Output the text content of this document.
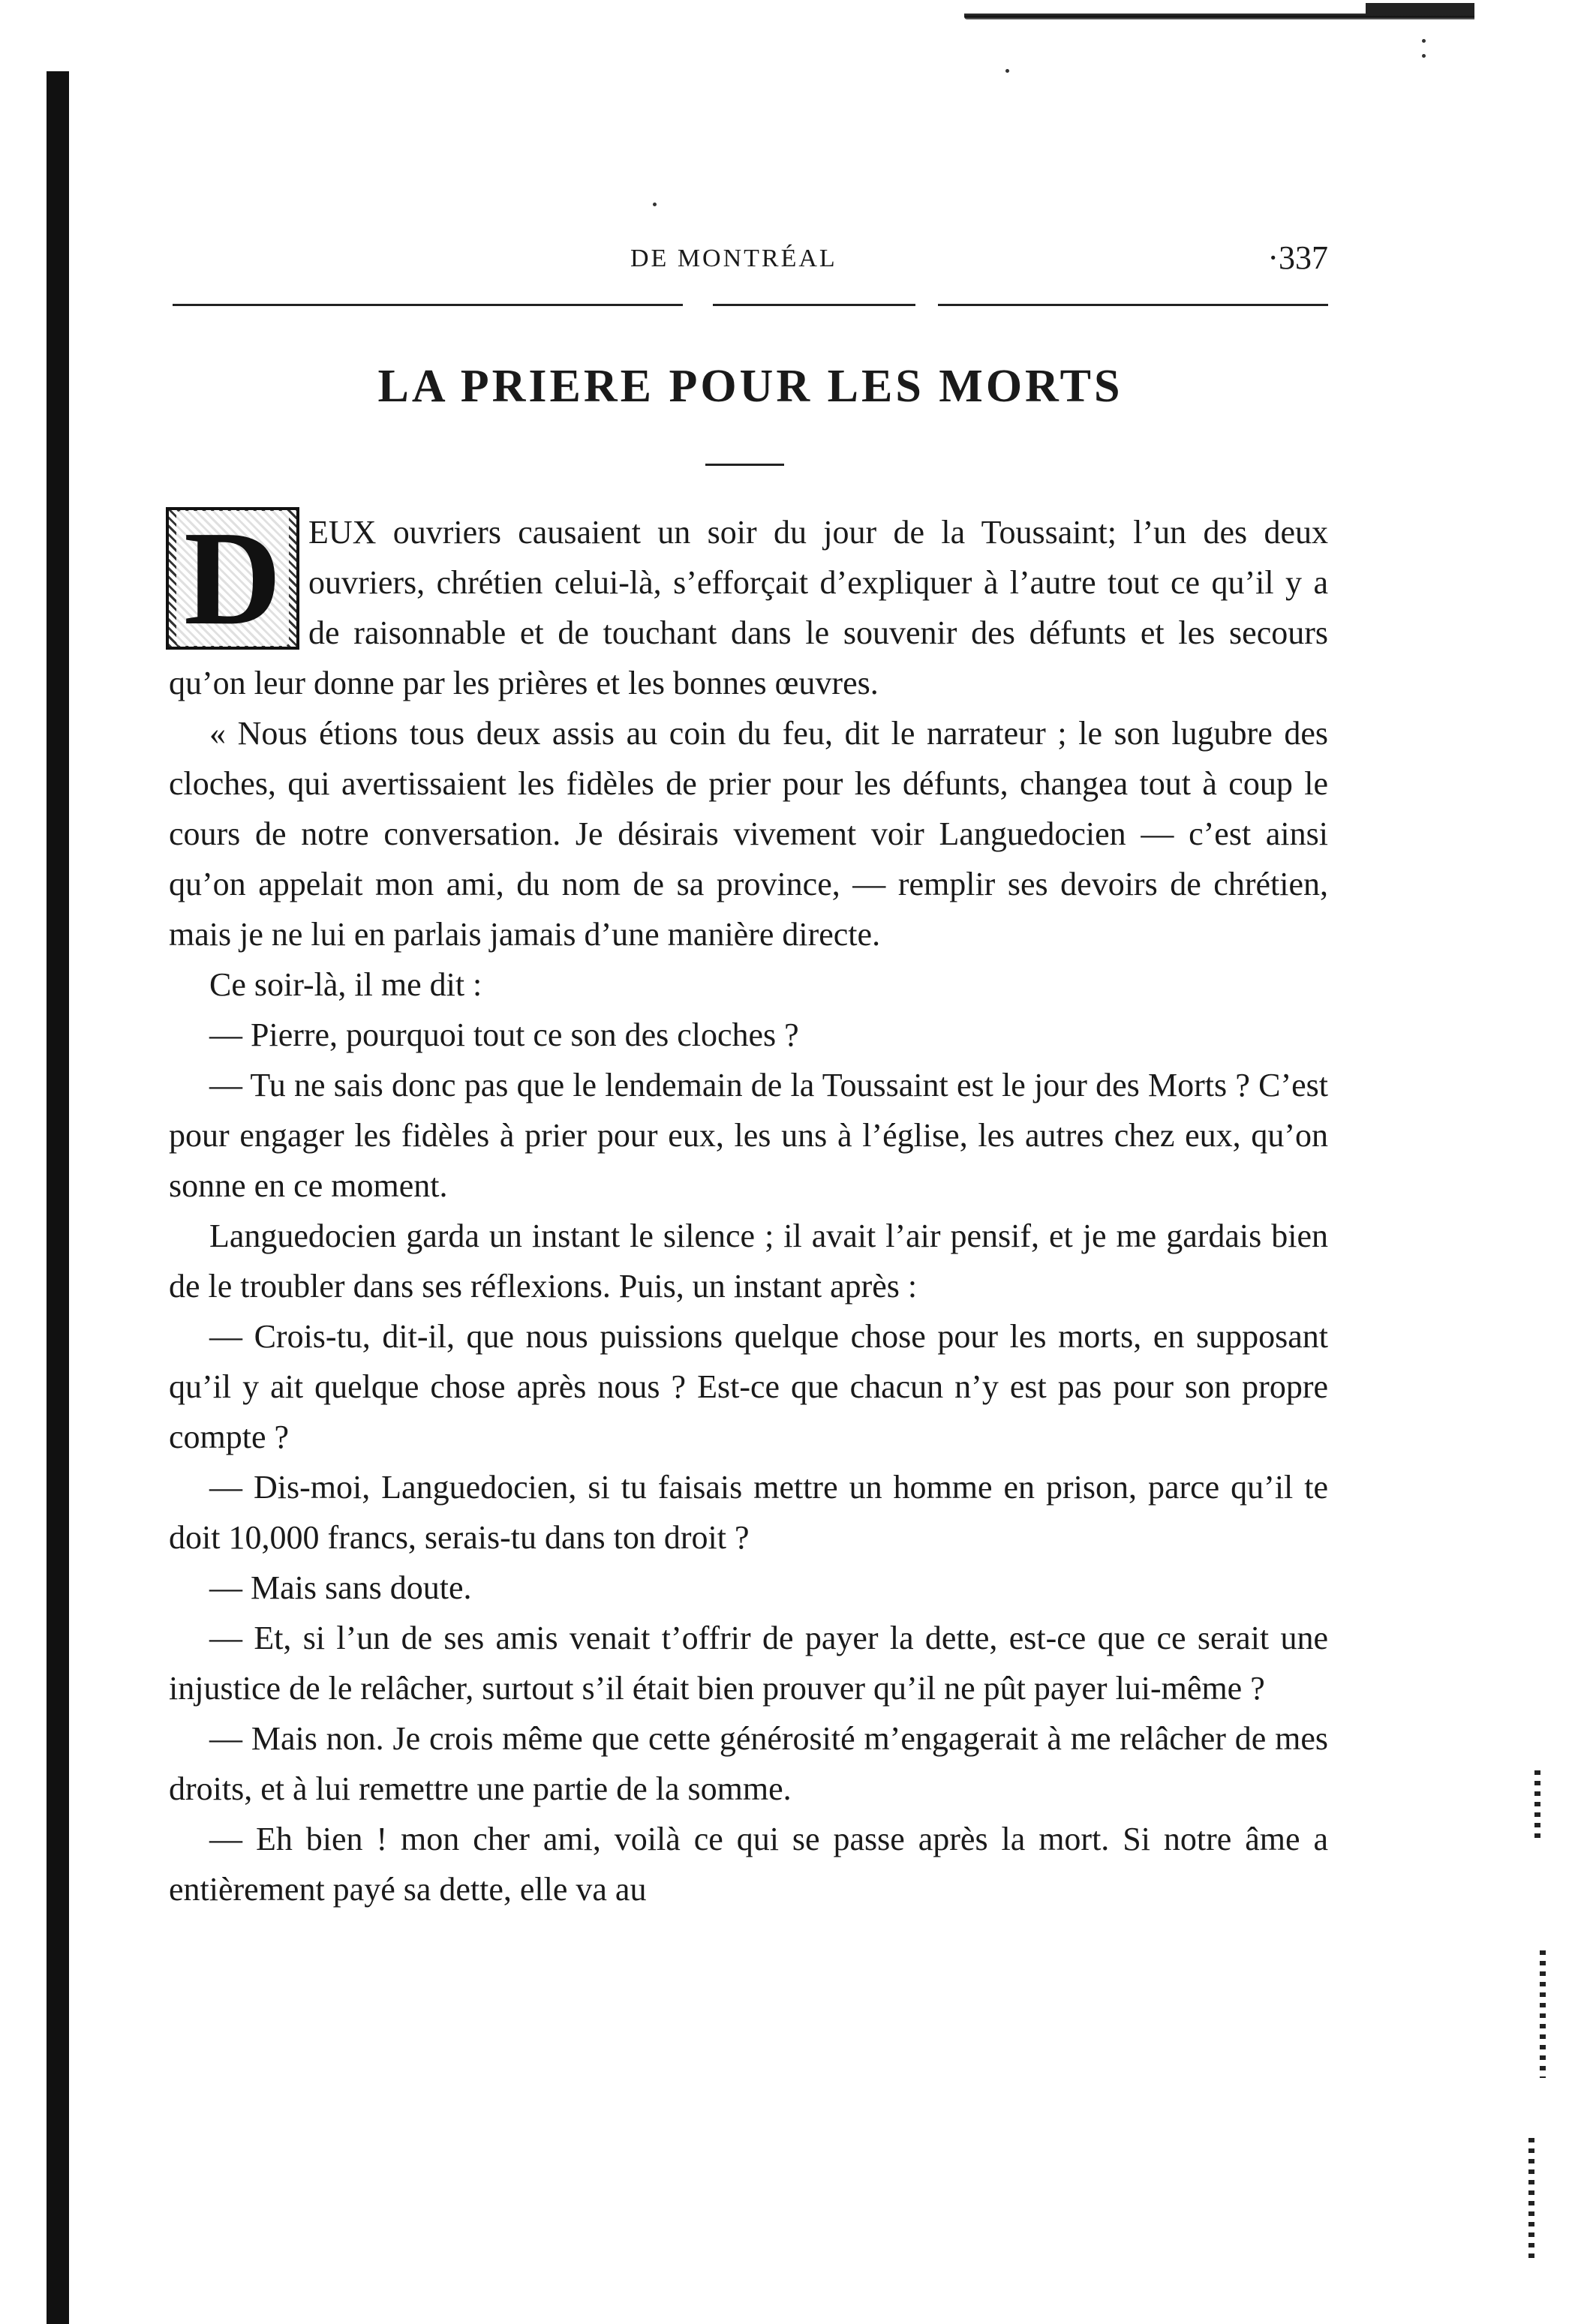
DE MONTRÉAL	·337
LA PRIERE POUR LES MORTS
D EUX ouvriers causaient un soir du jour de la Toussaint; l’un des deux ouvriers, chrétien celui-là, s’efforçait d’expliquer à l’autre tout ce qu’il y a de raisonnable et de touchant dans le souvenir des défunts et les secours qu’on leur donne par les prières et les bonnes œuvres.

« Nous étions tous deux assis au coin du feu, dit le narrateur ; le son lugubre des cloches, qui avertissaient les fidèles de prier pour les défunts, changea tout à coup le cours de notre conversation. Je désirais vivement voir Languedocien — c’est ainsi qu’on appelait mon ami, du nom de sa province, — remplir ses devoirs de chrétien, mais je ne lui en parlais jamais d’une manière directe.

Ce soir-là, il me dit :

— Pierre, pourquoi tout ce son des cloches ?

— Tu ne sais donc pas que le lendemain de la Toussaint est le jour des Morts ? C’est pour engager les fidèles à prier pour eux, les uns à l’église, les autres chez eux, qu’on sonne en ce moment.

Languedocien garda un instant le silence ; il avait l’air pensif, et je me gardais bien de le troubler dans ses réflexions. Puis, un instant après :

— Crois-tu, dit-il, que nous puissions quelque chose pour les morts, en supposant qu’il y ait quelque chose après nous ? Est-ce que chacun n’y est pas pour son propre compte ?

— Dis-moi, Languedocien, si tu faisais mettre un homme en prison, parce qu’il te doit 10,000 francs, serais-tu dans ton droit ?

— Mais sans doute.

— Et, si l’un de ses amis venait t’offrir de payer la dette, est-ce que ce serait une injustice de le relâcher, surtout s’il était bien prouver qu’il ne pût payer lui-même ?

— Mais non. Je crois même que cette générosité m’engagerait à me relâcher de mes droits, et à lui remettre une partie de la somme.

— Eh bien ! mon cher ami, voilà ce qui se passe après la mort. Si notre âme a entièrement payé sa dette, elle va au
